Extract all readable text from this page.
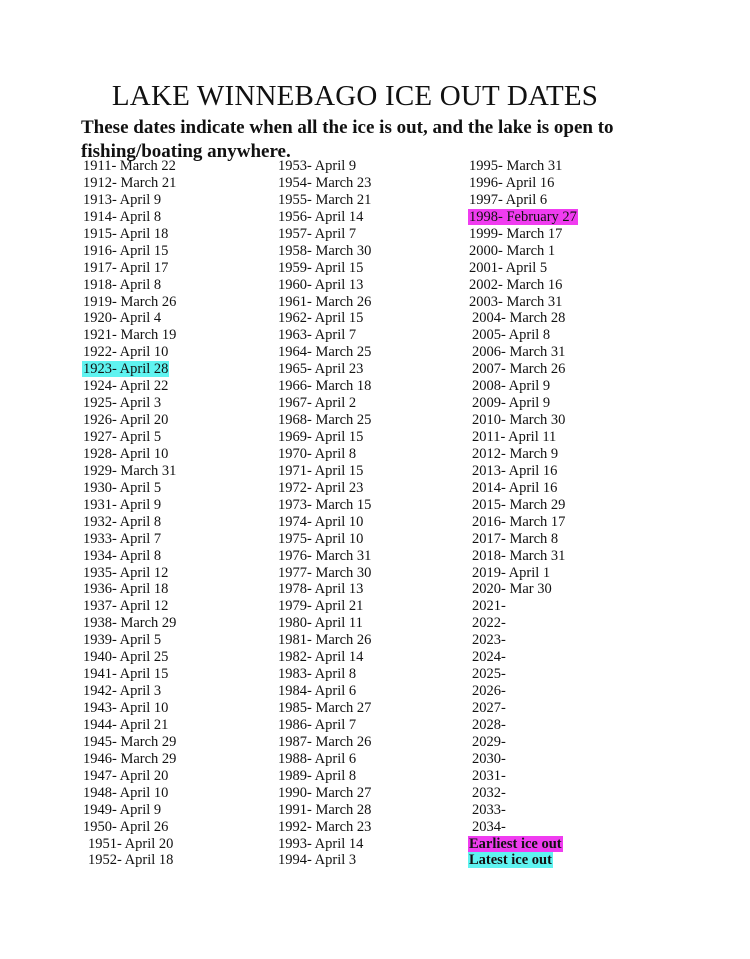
LAKE WINNEBAGO ICE OUT DATES
These dates indicate when all the ice is out, and the lake is open to fishing/boating anywhere.
1911- March 22
1912- March 21
1913- April 9
1914- April 8
1915- April 18
1916- April 15
1917- April 17
1918- April 8
1919- March 26
1920- April 4
1921- March 19
1922- April 10
1923- April 28
1924- April 22
1925- April 3
1926- April 20
1927- April 5
1928- April 10
1929- March 31
1930- April 5
1931- April 9
1932- April 8
1933- April 7
1934- April 8
1935- April 12
1936- April 18
1937- April 12
1938- March 29
1939- April 5
1940- April 25
1941- April 15
1942- April 3
1943- April 10
1944- April 21
1945- March 29
1946- March 29
1947- April 20
1948- April 10
1949- April 9
1950- April 26
1951- April 20
1952- April 18
1953- April 9
1954- March 23
1955- March 21
1956- April 14
1957- April 7
1958- March 30
1959- April 15
1960- April 13
1961- March 26
1962- April 15
1963- April 7
1964- March 25
1965- April 23
1966- March 18
1967- April 2
1968- March 25
1969- April 15
1970- April 8
1971- April 15
1972- April 23
1973- March 15
1974- April 10
1975- April 10
1976- March 31
1977- March 30
1978- April 13
1979- April 21
1980- April 11
1981- March 26
1982- April 14
1983- April 8
1984- April 6
1985- March 27
1986- April 7
1987- March 26
1988- April 6
1989- April 8
1990- March 27
1991- March 28
1992- March 23
1993- April 14
1994- April 3
1995- March 31
1996- April 16
1997- April 6
1998- February 27
1999- March 17
2000- March 1
2001- April 5
2002- March 16
2003- March 31
2004- March 28
2005- April 8
2006- March 31
2007- March 26
2008- April 9
2009- April 9
2010- March 30
2011- April 11
2012- March 9
2013- April 16
2014- April 16
2015- March 29
2016- March 17
2017- March 8
2018- March 31
2019- April 1
2020- Mar 30
2021-
2022-
2023-
2024-
2025-
2026-
2027-
2028-
2029-
2030-
2031-
2032-
2033-
2034-
Earliest ice out
Latest ice out
